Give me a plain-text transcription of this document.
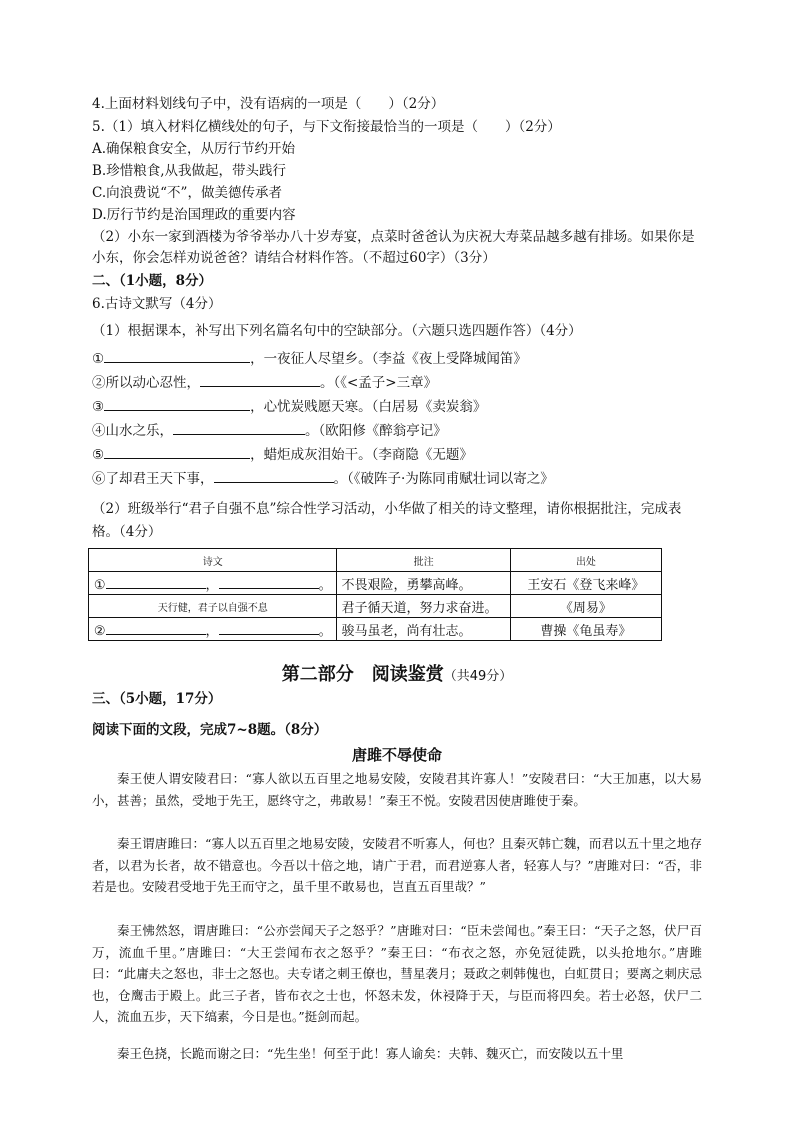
4.上面材料划线句子中，没有语病的一项是（　　）（2分）
5.（1）填入材料亿横线处的句子，与下文衔接最恰当的一项是（　　）（2分）
A.确保粮食安全，从厉行节约开始
B.珍惜粮食,从我做起，带头践行
C.向浪费说“不”，做美德传承者
D.厉行节约是治国理政的重要内容
（2）小东一家到酒楼为爷爷举办八十岁寿宴，点菜时爸爸认为庆祝大寿菜品越多越有排场。如果你是小东，你会怎样劝说爸爸？请结合材料作答。（不超过60字）（3分）
二、（1小题，8分）
6.古诗文默写（4分）
（1）根据课本，补写出下列名篇名句中的空缺部分。（六题只选四题作答）（4分）
①	，一夜征人尽望乡。（李益《夜上受降城闻笛》
②所以动心忍性，	。（《<孟子>三章》
③	，心忧炭贱愿天寒。（白居易《卖炭翁》
④山水之乐，	。（欧阳修《醉翁亭记》
⑤	，蜡炬成灰泪始干。（李商隐《无题》
⑥了却君王天下事，	。（《破阵子·为陈同甫赋壮词以寄之》
（2）班级举行“君子自强不息”综合性学习活动，小华做了相关的诗文整理，请你根据批注，完成表格。（4分）
诗文	批注	出处
① ， 。	不畏艰险，勇攀高峰。	王安石《登飞来峰》
天行健，君子以自强不息	君子循天道，努力求奋进。	《周易》
② ， 。	骏马虽老，尚有壮志。	曹操《龟虽寿》
第二部分　阅读鉴赏（共49分）
三、（5小题，17分）
阅读下面的文段，完成7~8题。（8分）
唐雎不辱使命
秦王使人谓安陵君曰：“寡人欲以五百里之地易安陵，安陵君其许寡人！”安陵君曰：“大王加惠，以大易小，甚善；虽然，受地于先王，愿终守之，弗敢易！”秦王不悦。安陵君因使唐雎使于秦。
秦王谓唐雎曰：“寡人以五百里之地易安陵，安陵君不听寡人，何也？且秦灭韩亡魏，而君以五十里之地存者，以君为长者，故不错意也。今吾以十倍之地，请广于君，而君逆寡人者，轻寡人与？”唐雎对曰：“否，非若是也。安陵君受地于先王而守之，虽千里不敢易也，岂直五百里哉？”
秦王怫然怒，谓唐雎曰：“公亦尝闻天子之怒乎？”唐雎对曰：“臣未尝闻也。”秦王曰：“天子之怒，伏尸百万，流血千里。”唐雎曰：“大王尝闻布衣之怒乎？”秦王曰：“布衣之怒，亦免冠徒跣，以头抢地尔。”唐雎曰：“此庸夫之怒也，非士之怒也。夫专诸之刺王僚也，彗星袭月；聂政之刺韩傀也，白虹贯日；要离之刺庆忌也，仓鹰击于殿上。此三子者，皆布衣之士也，怀怒未发，休祲降于天，与臣而将四矣。若士必怒，伏尸二人，流血五步，天下缟素，今日是也。”挺剑而起。
秦王色挠，长跪而谢之曰：“先生坐！何至于此！寡人谕矣：夫韩、魏灭亡，而安陵以五十里
